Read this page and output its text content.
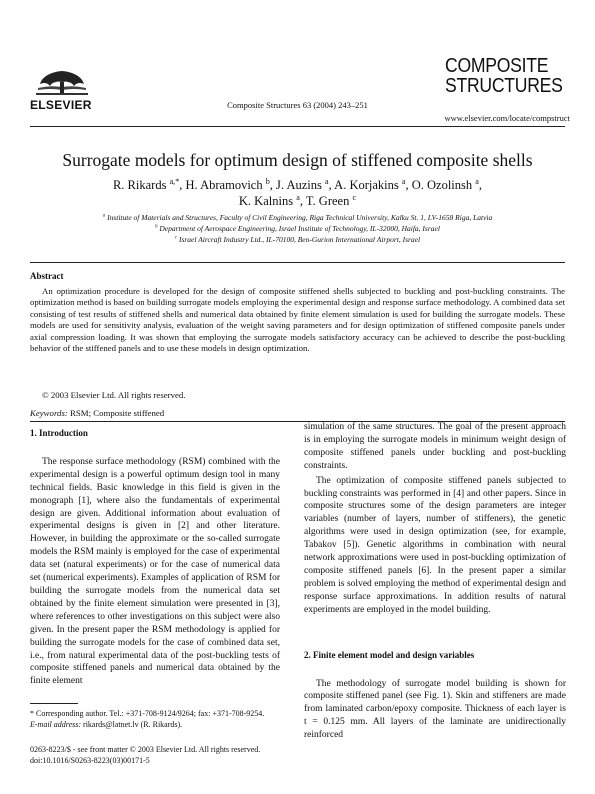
ELSEVIER	Composite Structures 63 (2004) 243–251
COMPOSITE
STRUCTURES
www.elsevier.com/locate/compstruct
Surrogate models for optimum design of stiffened composite shells
R. Rikards $^{a,*}$, H. Abramovich $^b$, J. Auzins $^a$, A. Korjakins $^a$, O. Ozolinsh $^a$,
K. Kalnins $^a$, T. Green $^c$
$^a$ Institute of Materials and Structures, Faculty of Civil Engineering, Riga Technical University, Kalku St. 1, LV-1658 Riga, Latvia
$^b$ Department of Aerospace Engineering, Israel Institute of Technology, IL-32000, Haifa, Israel
$^c$ Israel Aircraft Industry Ltd., IL-70100, Ben-Gurion International Airport, Israel
Abstract
An optimization procedure is developed for the design of composite stiffened shells subjected to buckling and post-buckling constraints. The optimization method is based on building surrogate models employing the experimental design and response surface methodology. A combined data set consisting of test results of stiffened shells and numerical data obtained by finite element simulation is used for building the surrogate models. These models are used for sensitivity analysis, evaluation of the weight saving parameters and for design optimization of stiffened composite panels under axial compression loading. It was shown that employing the surrogate models satisfactory accuracy can be achieved to describe the post-buckling behavior of the stiffened panels and to use these models in design optimization.
© 2003 Elsevier Ltd. All rights reserved.
Keywords: RSM; Composite stiffened
1. Introduction

The response surface methodology (RSM) combined with the experimental design is a powerful optimum design tool in many technical fields. Basic knowledge in this field is given in the monograph [1], where also the fundamentals of experimental design are given. Additional information about evaluation of experimental designs is given in [2] and other literature. However, in building the approximate or the so-called surrogate models the RSM mainly is employed for the case of experimental data set (natural experiments) or for the case of numerical data set (numerical experiments). Examples of application of RSM for building the surrogate models from the numerical data set obtained by the finite element simulation were presented in [3], where references to other investigations on this subject were also given. In the present paper the RSM methodology is applied for building the surrogate models for the case of combined data set, i.e., from natural experimental data of the post-buckling tests of composite stiffened panels and numerical data obtained by the finite element

simulation of the same structures. The goal of the present approach is in employing the surrogate models in minimum weight design of composite stiffened panels under buckling and post-buckling constraints.

The optimization of composite stiffened panels subjected to buckling constraints was performed in [4] and other papers. Since in composite structures some of the design parameters are integer variables (number of layers, number of stiffeners), the genetic algorithms were used in design optimization (see, for example, Tabakov [5]). Genetic algorithms in combination with neural network approximations were used in post-buckling optimization of composite stiffened panels [6]. In the present paper a similar problem is solved employing the method of experimental design and response surface approximations. In addition results of natural experiments are employed in the model building.

2. Finite element model and design variables

The methodology of surrogate model building is shown for composite stiffened panel (see Fig. 1). Skin and stiffeners are made from laminated carbon/epoxy composite. Thickness of each layer is t = 0.125 mm. All layers of the laminate are unidirectionally reinforced

* Corresponding author. Tel.: +371-708-9124/9264; fax: +371-708-9254.

E-mail address: rikards@latnet.lv (R. Rikards).

0263-8223/$ - see front matter © 2003 Elsevier Ltd. All rights reserved.
doi:10.1016/S0263-8223(03)00171-5
